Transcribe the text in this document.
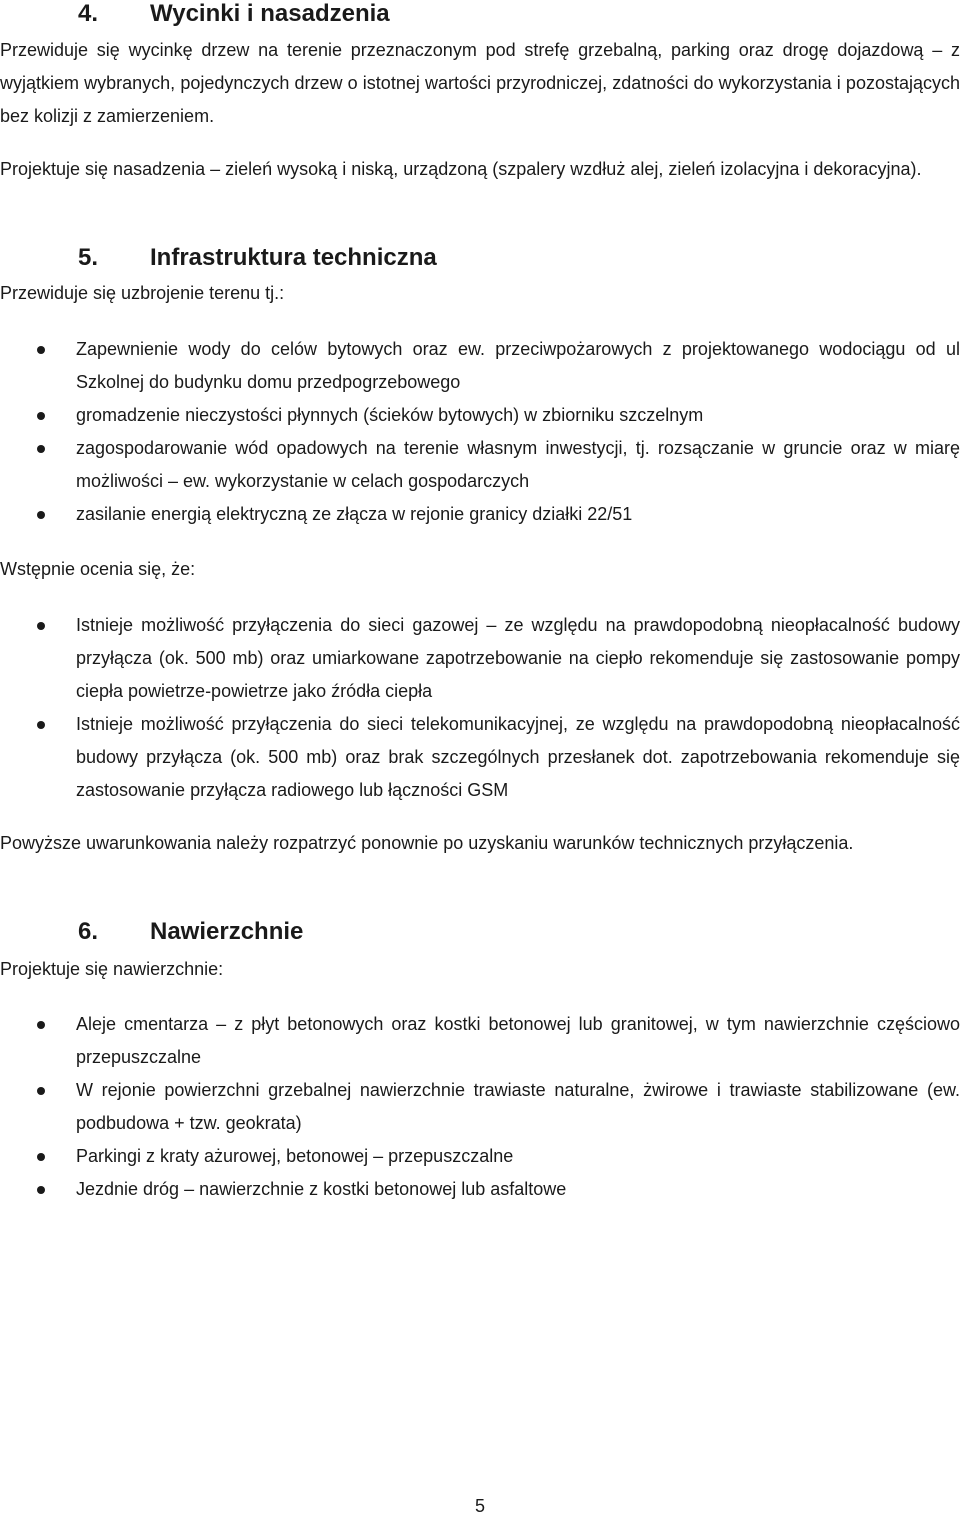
4. Wycinki i nasadzenia

Przewiduje się wycinkę drzew na terenie przeznaczonym pod strefę grzebalną, parking oraz drogę dojazdową – z wyjątkiem wybranych, pojedynczych drzew o istotnej wartości przyrodniczej, zdatności do wykorzystania i pozostających bez kolizji z zamierzeniem.

Projektuje się nasadzenia – zieleń wysoką i niską, urządzoną (szpalery wzdłuż alej, zieleń izolacyjna i dekoracyjna).

5. Infrastruktura techniczna

Przewiduje się uzbrojenie terenu tj.:

Zapewnienie wody do celów bytowych oraz ew. przeciwpożarowych z projektowanego wodociągu od ul Szkolnej do budynku domu przedpogrzebowego
gromadzenie nieczystości płynnych (ścieków bytowych) w zbiorniku szczelnym
zagospodarowanie wód opadowych na terenie własnym inwestycji, tj. rozsączanie w gruncie oraz w miarę możliwości – ew. wykorzystanie w celach gospodarczych
zasilanie energią elektryczną ze złącza w rejonie granicy działki 22/51

Wstępnie ocenia się, że:

Istnieje możliwość przyłączenia do sieci gazowej – ze względu na prawdopodobną nieopłacalność budowy przyłącza (ok. 500 mb) oraz umiarkowane zapotrzebowanie na ciepło rekomenduje się zastosowanie pompy ciepła powietrze-powietrze jako źródła ciepła
Istnieje możliwość przyłączenia do sieci telekomunikacyjnej, ze względu na prawdopodobną nieopłacalność budowy przyłącza (ok. 500 mb) oraz brak szczególnych przesłanek dot. zapotrzebowania rekomenduje się zastosowanie przyłącza radiowego lub łączności GSM

Powyższe uwarunkowania należy rozpatrzyć ponownie po uzyskaniu warunków technicznych przyłączenia.

6. Nawierzchnie

Projektuje się nawierzchnie:

Aleje cmentarza – z płyt betonowych oraz kostki betonowej lub granitowej, w tym nawierzchnie częściowo przepuszczalne
W rejonie powierzchni grzebalnej nawierzchnie trawiaste naturalne, żwirowe i trawiaste stabilizowane (ew. podbudowa + tzw. geokrata)
Parkingi z kraty ażurowej, betonowej – przepuszczalne
Jezdnie dróg – nawierzchnie z kostki betonowej lub asfaltowe
5
